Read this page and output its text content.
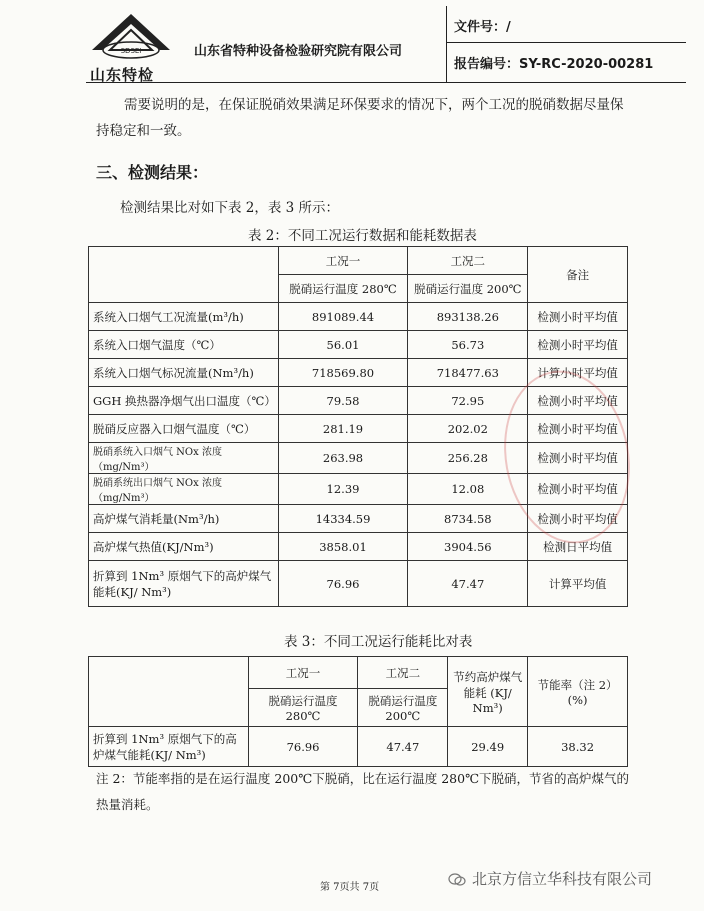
SDSEI
山东特检
山东省特种设备检验研究院有限公司
文件号：/
报告编号：SY-RC-2020-00281
需要说明的是，在保证脱硝效果满足环保要求的情况下，两个工况的脱硝数据尽量保持稳定和一致。
三、检测结果：
检测结果比对如下表 2，表 3 所示：
表 2：不同工况运行数据和能耗数据表
	工况一	工况二	备注
	脱硝运行温度 280℃	脱硝运行温度 200℃	
系统入口烟气工况流量(m³/h)	891089.44	893138.26	检测小时平均值
系统入口烟气温度（℃）	56.01	56.73	检测小时平均值
系统入口烟气标况流量(Nm³/h)	718569.80	718477.63	计算小时平均值
GGH 换热器净烟气出口温度（℃）	79.58	72.95	检测小时平均值
脱硝反应器入口烟气温度（℃）	281.19	202.02	检测小时平均值
脱硝系统入口烟气 NOx 浓度（mg/Nm³）	263.98	256.28	检测小时平均值
脱硝系统出口烟气 NOx 浓度（mg/Nm³）	12.39	12.08	检测小时平均值
高炉煤气消耗量(Nm³/h)	14334.59	8734.58	检测小时平均值
高炉煤气热值(KJ/Nm³)	3858.01	3904.56	检测日平均值
折算到 1Nm³ 原烟气下的高炉煤气能耗(KJ/ Nm³)	76.96	47.47	计算平均值
表 3：不同工况运行能耗比对表
	工况一	工况二	节约高炉煤气能耗 (KJ/ Nm³)	节能率（注 2）(%)
	脱硝运行温度 280℃	脱硝运行温度 200℃		
折算到 1Nm³ 原烟气下的高炉煤气能耗(KJ/ Nm³)	76.96	47.47	29.49	38.32
注 2：节能率指的是在运行温度 200℃下脱硝，比在运行温度 280℃下脱硝，节省的高炉煤气的热量消耗。
第 7页共 7页	北京方信立华科技有限公司
